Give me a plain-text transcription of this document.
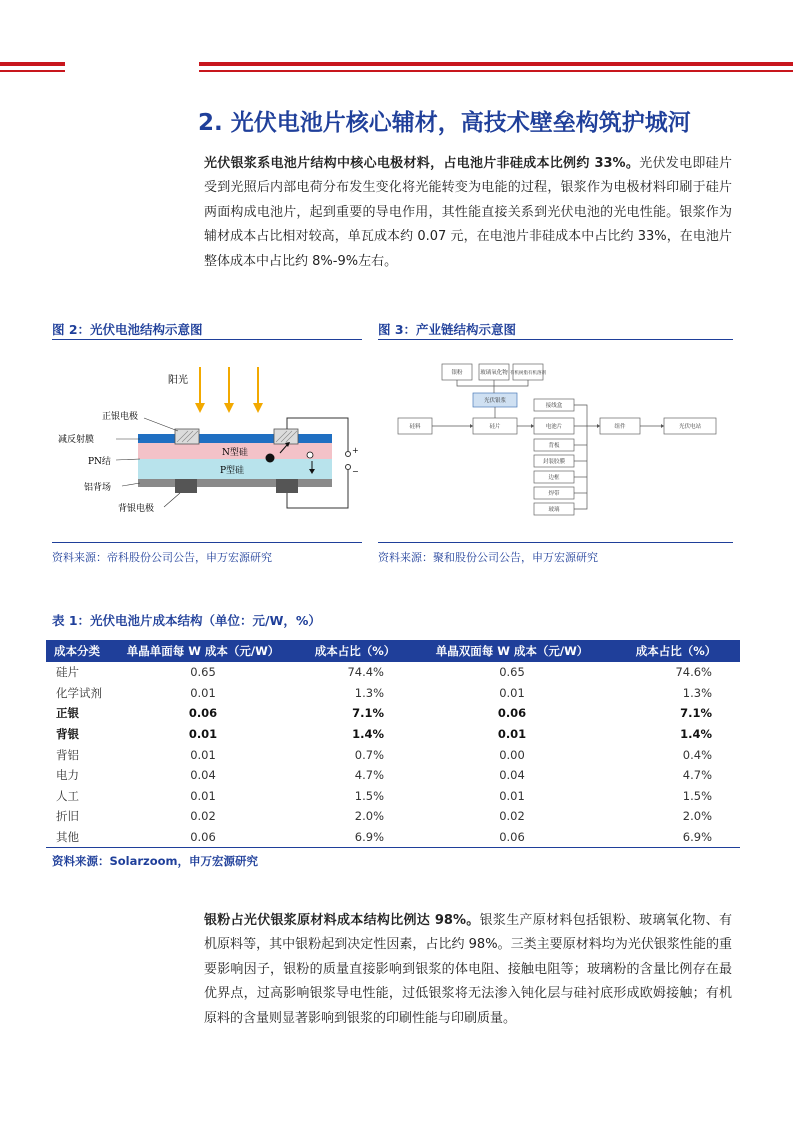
2. 光伏电池片核心辅材，高技术壁垒构筑护城河
光伏银浆系电池片结构中核心电极材料，占电池片非硅成本比例约 33%。光伏发电即硅片受到光照后内部电荷分布发生变化将光能转变为电能的过程，银浆作为电极材料印刷于硅片两面构成电池片，起到重要的导电作用，其性能直接关系到光伏电池的光电性能。银浆作为辅材成本占比相对较高，单瓦成本约 0.07 元，在电池片非硅成本中占比约 33%，在电池片整体成本中占比约 8%-9%左右。
图 2：光伏电池结构示意图
阳光
N型硅
P型硅
+
−
正银电极
减反射膜
PN结
铝背场
背银电极
资料来源：帝科股份公司公告，申万宏源研究
图 3：产业链结构示意图
银粉	玻璃氧化物 有机树脂有机溶剂
光伏银浆
硅料	硅片	电池片
接线盒
背板
封装胶膜
边框
焊带
玻璃
组件	光伏电站
资料来源：聚和股份公司公告，申万宏源研究
表 1：光伏电池片成本结构（单位：元/W，%）
成本分类	单晶单面每 W 成本（元/W）	成本占比（%）	单晶双面每 W 成本（元/W）	成本占比（%）
硅片	0.65	74.4%	0.65	74.6%
化学试剂	0.01	1.3%	0.01	1.3%
正银	0.06	7.1%	0.06	7.1%
背银	0.01	1.4%	0.01	1.4%
背铝	0.01	0.7%	0.00	0.4%
电力	0.04	4.7%	0.04	4.7%
人工	0.01	1.5%	0.01	1.5%
折旧	0.02	2.0%	0.02	2.0%
其他	0.06	6.9%	0.06	6.9%
资料来源：Solarzoom，申万宏源研究
银粉占光伏银浆原材料成本结构比例达 98%。银浆生产原材料包括银粉、玻璃氧化物、有机原料等，其中银粉起到决定性因素，占比约 98%。三类主要原材料均为光伏银浆性能的重要影响因子，银粉的质量直接影响到银浆的体电阻、接触电阻等；玻璃粉的含量比例存在最优界点，过高影响银浆导电性能，过低银浆将无法渗入钝化层与硅衬底形成欧姆接触；有机原料的含量则显著影响到银浆的印刷性能与印刷质量。
